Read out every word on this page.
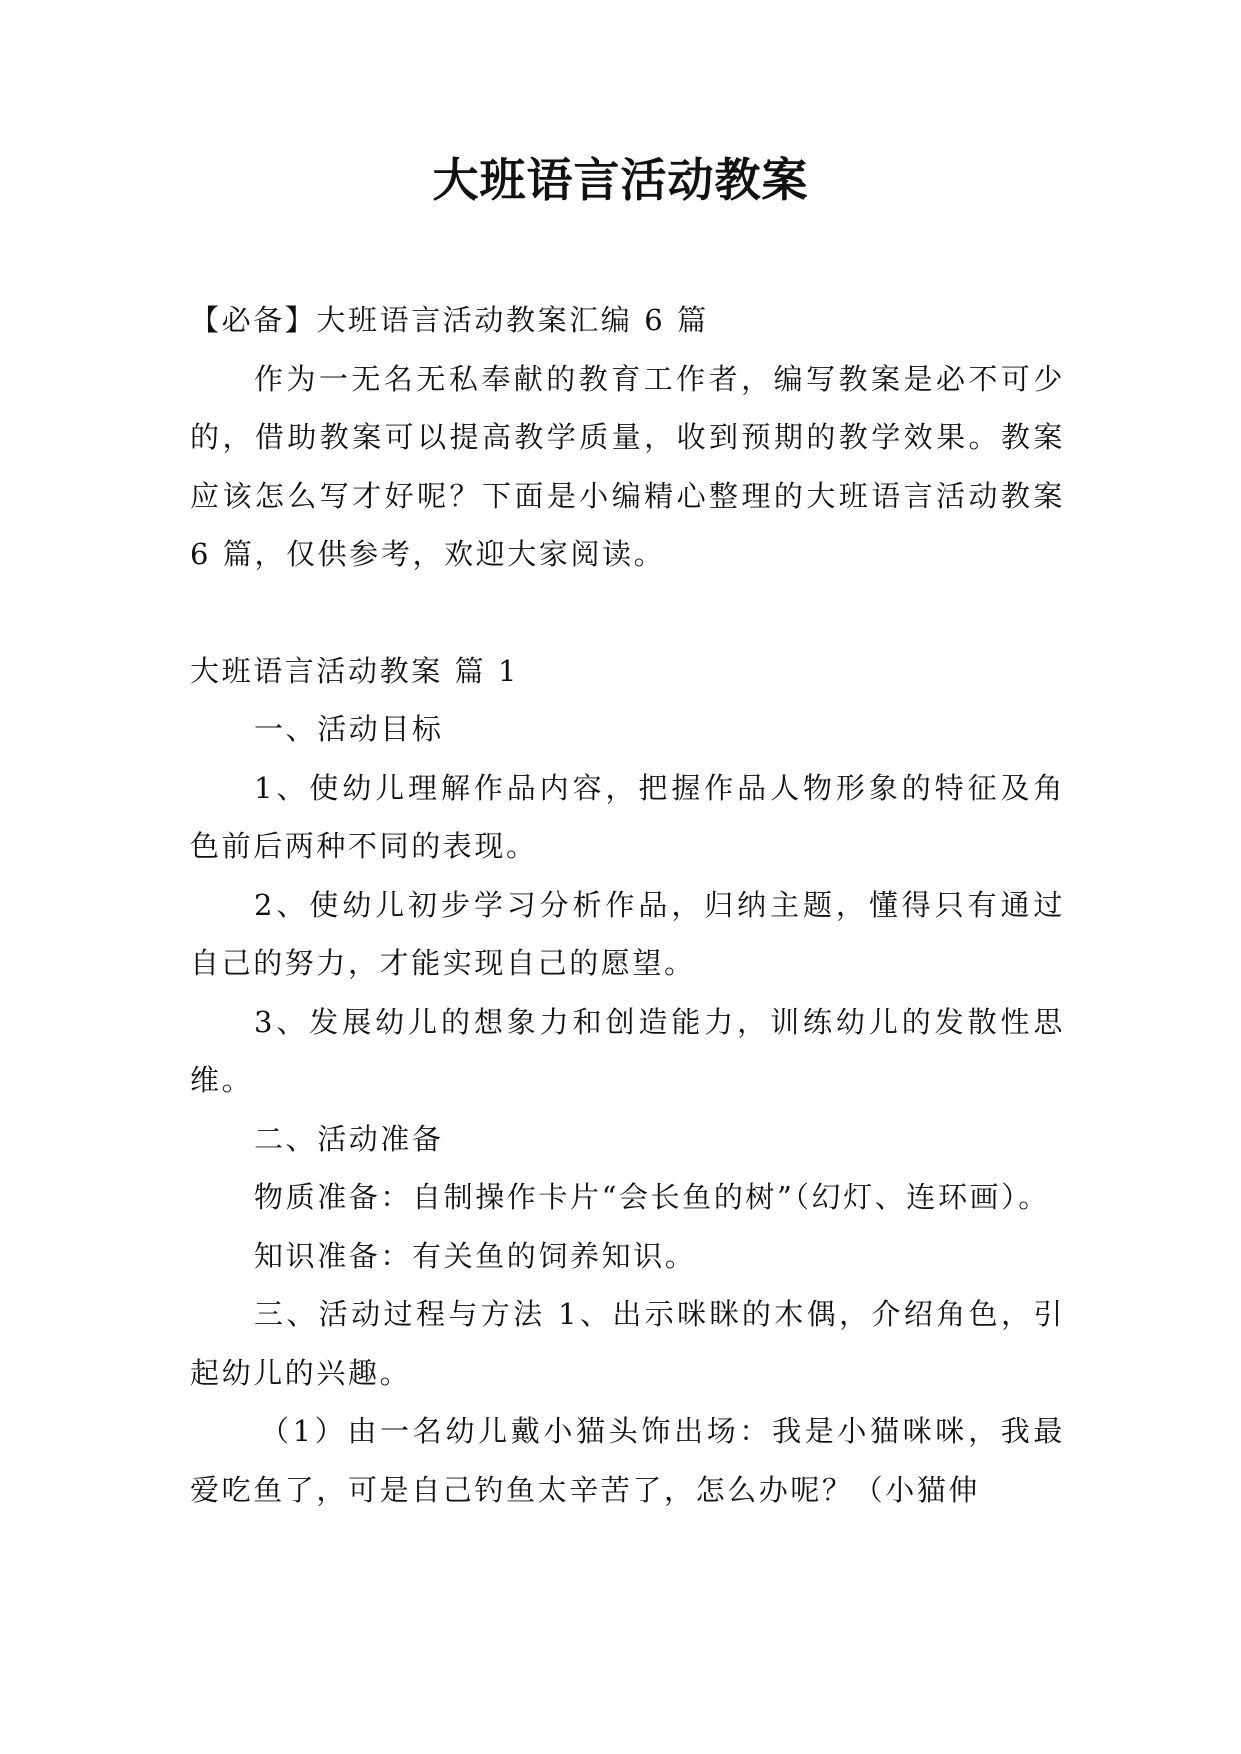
大班语言活动教案

【必备】大班语言活动教案汇编 6 篇

作为一无名无私奉献的教育工作者，编写教案是必不可少的，借助教案可以提高教学质量，收到预期的教学效果。教案应该怎么写才好呢？下面是小编精心整理的大班语言活动教案 6 篇，仅供参考，欢迎大家阅读。

大班语言活动教案 篇 1

一、活动目标

1、使幼儿理解作品内容，把握作品人物形象的特征及角色前后两种不同的表现。

2、使幼儿初步学习分析作品，归纳主题，懂得只有通过自己的努力，才能实现自己的愿望。

3、发展幼儿的想象力和创造能力，训练幼儿的发散性思维。

二、活动准备

物质准备：自制操作卡片“会长鱼的树”（幻灯、连环画）。

知识准备：有关鱼的饲养知识。

三、活动过程与方法 1、出示咪眯的木偶，介绍角色，引起幼儿的兴趣。

（1）由一名幼儿戴小猫头饰出场：我是小猫咪咪，我最爱吃鱼了，可是自己钓鱼太辛苦了，怎么办呢？（小猫伸
